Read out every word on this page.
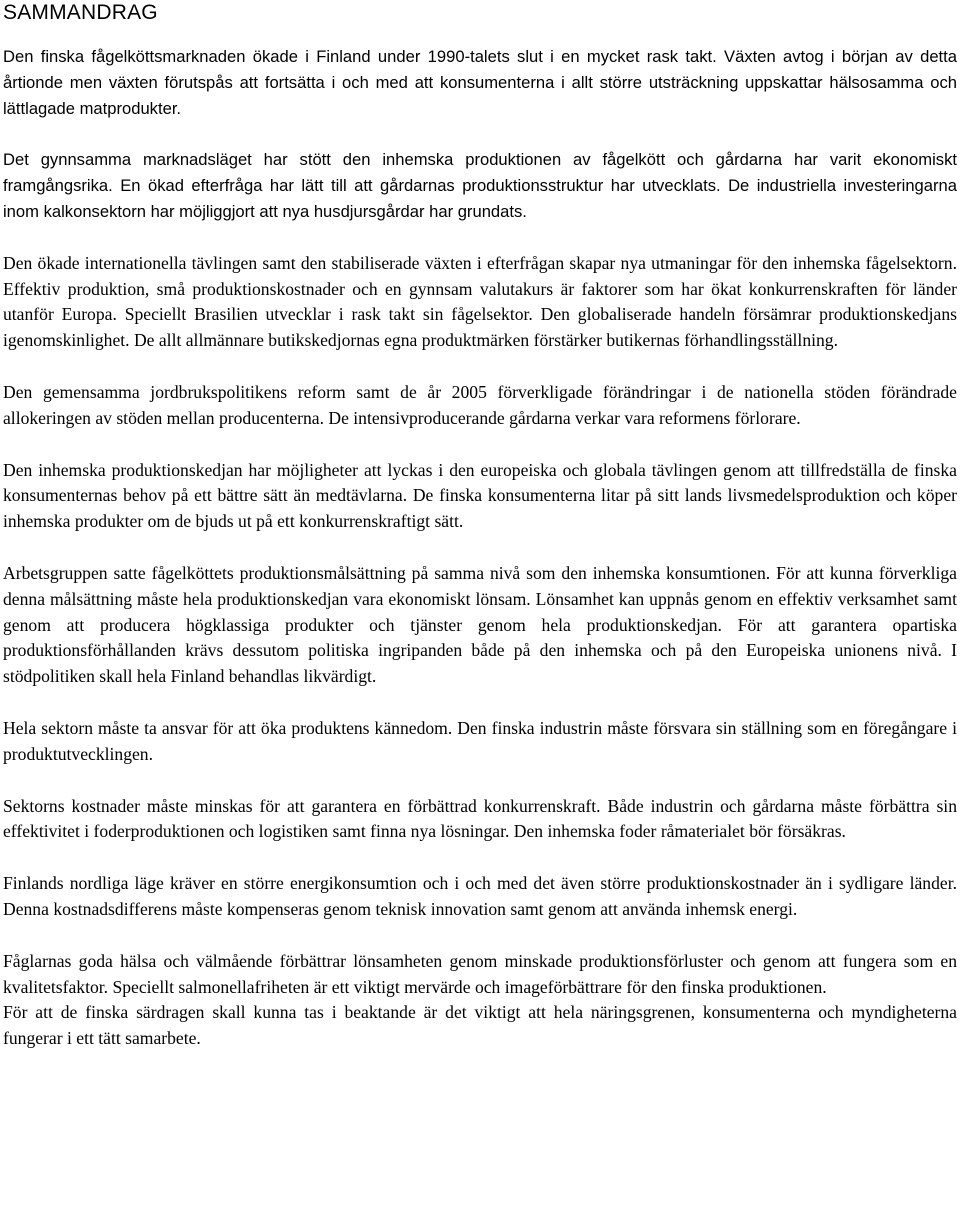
SAMMANDRAG

Den finska fågelköttsmarknaden ökade i Finland under 1990-talets slut i en mycket rask takt. Växten avtog i början av detta årtionde men växten förutspås att fortsätta i och med att konsumenterna i allt större utsträckning uppskattar hälsosamma och lättlagade matprodukter.

Det gynnsamma marknadsläget har stött den inhemska produktionen av fågelkött och gårdarna har varit ekonomiskt framgångsrika. En ökad efterfråga har lätt till att gårdarnas produktionsstruktur har utvecklats. De industriella investeringarna inom kalkonsektorn har möjliggjort att nya husdjursgårdar har grundats.

Den ökade internationella tävlingen samt den stabiliserade växten i efterfrågan skapar nya utmaningar för den inhemska fågelsektorn. Effektiv produktion, små produktionskostnader och en gynnsam valutakurs är faktorer som har ökat konkurrenskraften för länder utanför Europa. Speciellt Brasilien utvecklar i rask takt sin fågelsektor. Den globaliserade handeln försämrar produktionskedjans igenomskinlighet. De allt allmännare butikskedjornas egna produktmärken förstärker butikernas förhandlingsställning.

Den gemensamma jordbrukspolitikens reform samt de år 2005 förverkligade förändringar i de nationella stöden förändrade allokeringen av stöden mellan producenterna. De intensivproducerande gårdarna verkar vara reformens förlorare.

Den inhemska produktionskedjan har möjligheter att lyckas i den europeiska och globala tävlingen genom att tillfredställa de finska konsumenternas behov på ett bättre sätt än medtävlarna. De finska konsumenterna litar på sitt lands livsmedelsproduktion och köper inhemska produkter om de bjuds ut på ett konkurrenskraftigt sätt.

Arbetsgruppen satte fågelköttets produktionsmålsättning på samma nivå som den inhemska konsumtionen. För att kunna förverkliga denna målsättning måste hela produktionskedjan vara ekonomiskt lönsam. Lönsamhet kan uppnås genom en effektiv verksamhet samt genom att producera högklassiga produkter och tjänster genom hela produktionskedjan. För att garantera opartiska produktionsförhållanden krävs dessutom politiska ingripanden både på den inhemska och på den Europeiska unionens nivå. I stödpolitiken skall hela Finland behandlas likvärdigt.

Hela sektorn måste ta ansvar för att öka produktens kännedom. Den finska industrin måste försvara sin ställning som en föregångare i produktutvecklingen.

Sektorns kostnader måste minskas för att garantera en förbättrad konkurrenskraft. Både industrin och gårdarna måste förbättra sin effektivitet i foderproduktionen och logistiken samt finna nya lösningar. Den inhemska foder råmaterialet bör försäkras.

Finlands nordliga läge kräver en större energikonsumtion och i och med det även större produktionskostnader än i sydligare länder. Denna kostnadsdifferens måste kompenseras genom teknisk innovation samt genom att använda inhemsk energi.

Fåglarnas goda hälsa och välmående förbättrar lönsamheten genom minskade produktionsförluster och genom att fungera som en kvalitetsfaktor. Speciellt salmonellafriheten är ett viktigt mervärde och imageförbättrare för den finska produktionen.

För att de finska särdragen skall kunna tas i beaktande är det viktigt att hela näringsgrenen, konsumenterna och myndigheterna fungerar i ett tätt samarbete.
